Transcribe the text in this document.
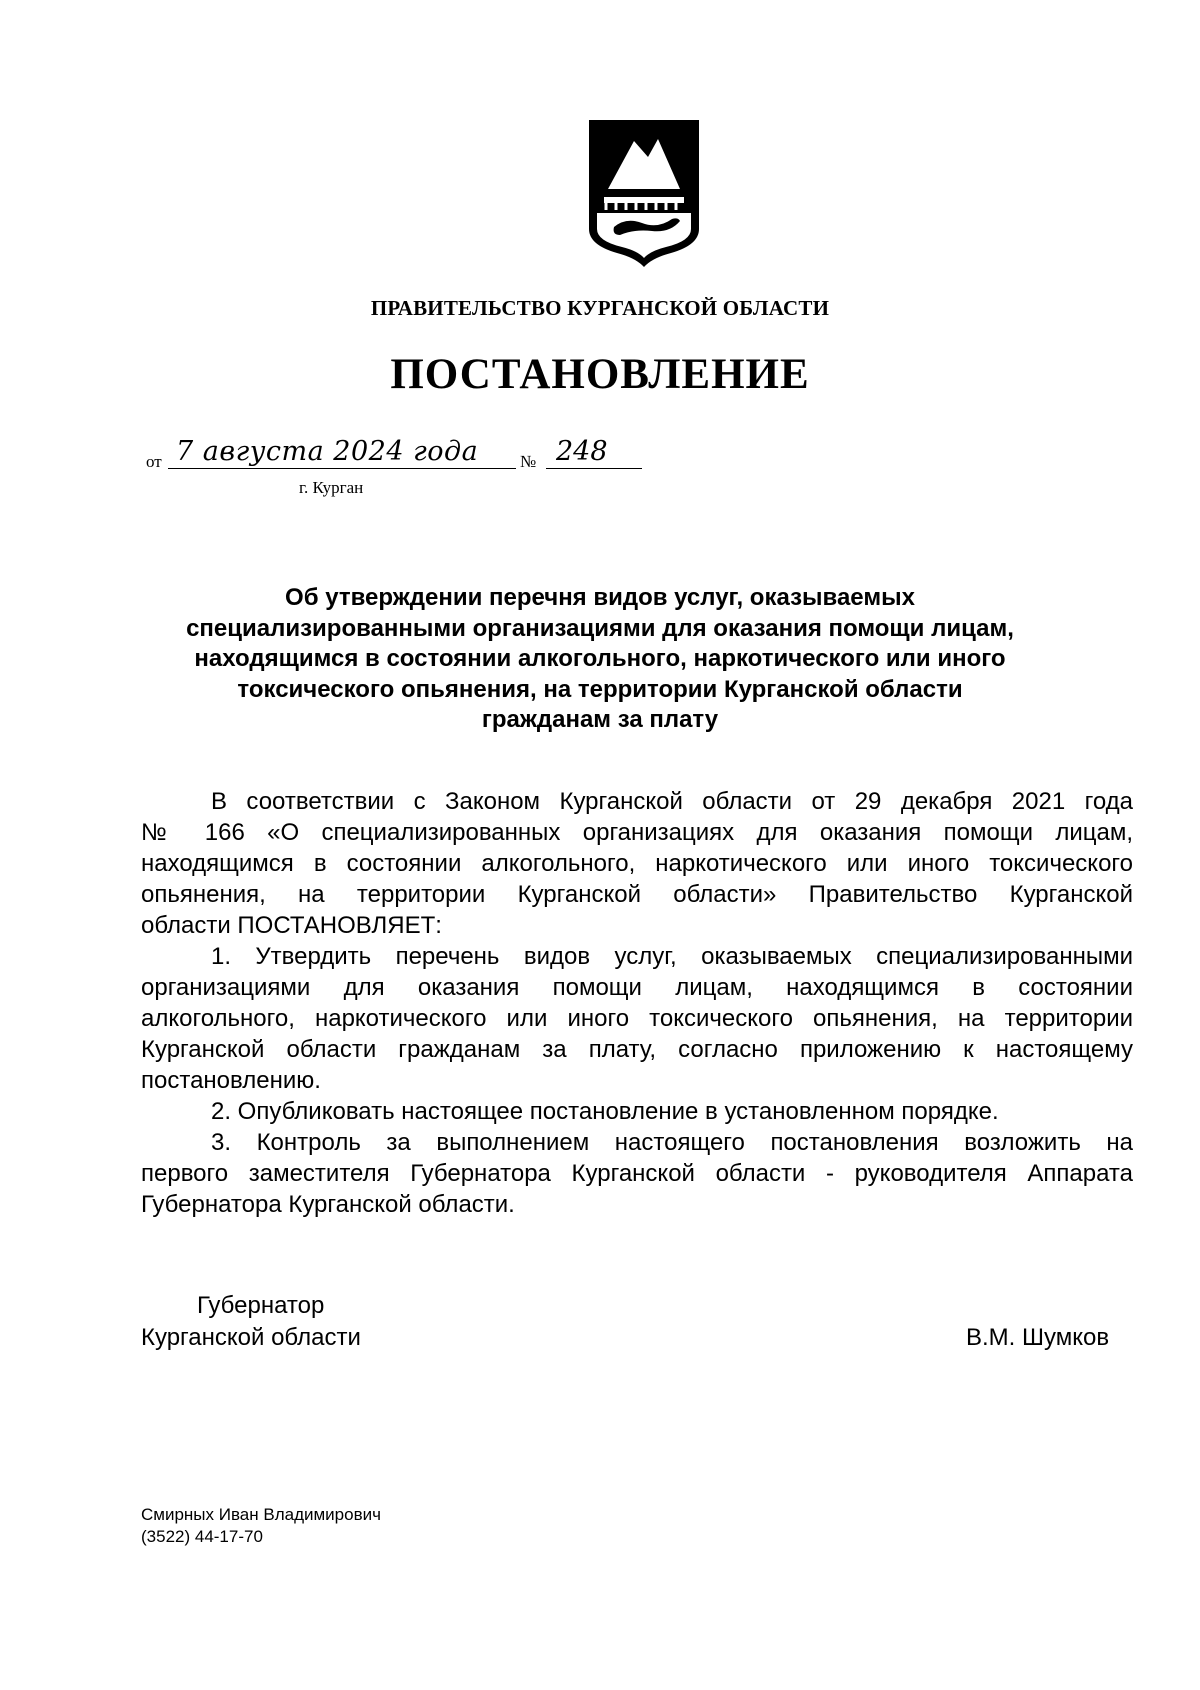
ПРАВИТЕЛЬСТВО КУРГАНСКОЙ ОБЛАСТИ
ПОСТАНОВЛЕНИЕ
от 7 августа 2024 года № 248
г. Курган
Об утверждении перечня видов услуг, оказываемых
специализированными организациями для оказания помощи лицам,
находящимся в состоянии алкогольного, наркотического или иного
токсического опьянения, на территории Курганской области
гражданам за плату
В соответствии с Законом Курганской области от 29 декабря 2021 года
№ 166 «О специализированных организациях для оказания помощи лицам,
находящимся в состоянии алкогольного, наркотического или иного токсического
опьянения, на территории Курганской области» Правительство Курганской
области ПОСТАНОВЛЯЕТ:
1. Утвердить перечень видов услуг, оказываемых специализированными
организациями для оказания помощи лицам, находящимся в состоянии
алкогольного, наркотического или иного токсического опьянения, на территории
Курганской области гражданам за плату, согласно приложению к настоящему
постановлению.
2. Опубликовать настоящее постановление в установленном порядке.
3. Контроль за выполнением настоящего постановления возложить на
первого заместителя Губернатора Курганской области - руководителя Аппарата
Губернатора Курганской области.
Губернатор
Курганской области	В.М. Шумков
Смирных Иван Владимирович
(3522) 44-17-70
